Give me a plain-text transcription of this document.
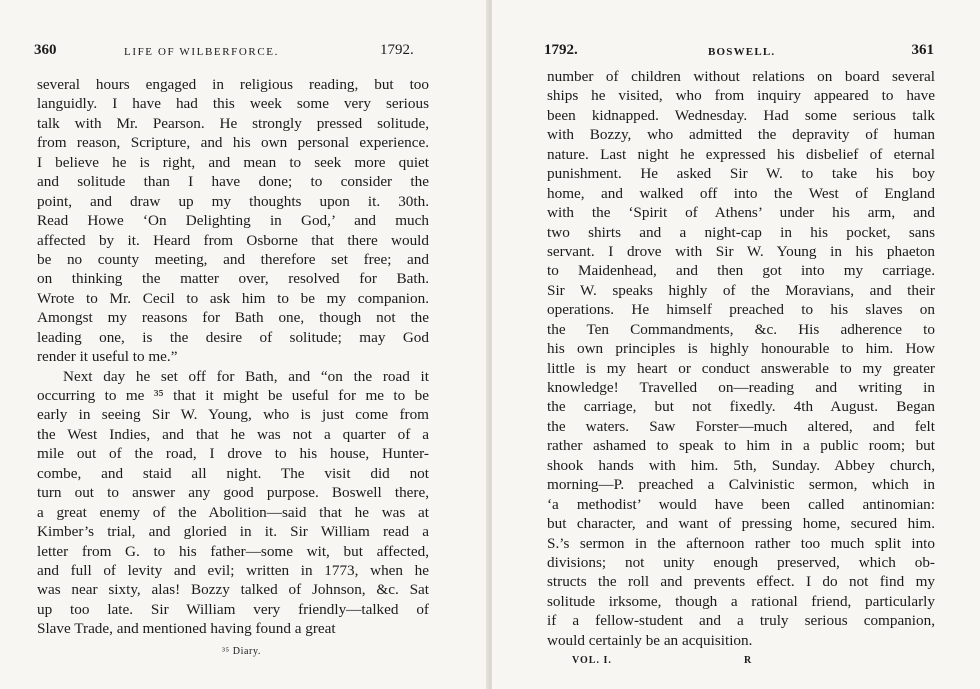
360	LIFE OF WILBERFORCE.	1792.
several hours engaged in religious reading, but too
languidly. I have had this week some very serious
talk with Mr. Pearson. He strongly pressed solitude,
from reason, Scripture, and his own personal experience.
I believe he is right, and mean to seek more quiet
and solitude than I have done; to consider the
point, and draw up my thoughts upon it. 30th.
Read Howe ‘On Delighting in God,’ and much
affected by it. Heard from Osborne that there would
be no county meeting, and therefore set free; and
on thinking the matter over, resolved for Bath.
Wrote to Mr. Cecil to ask him to be my companion.
Amongst my reasons for Bath one, though not the
leading one, is the desire of solitude; may God
render it useful to me.”
Next day he set off for Bath, and “on the road it
occurring to me ³⁵ that it might be useful for me to be
early in seeing Sir W. Young, who is just come from
the West Indies, and that he was not a quarter of a
mile out of the road, I drove to his house, Hunter-
combe, and staid all night. The visit did not
turn out to answer any good purpose. Boswell there,
a great enemy of the Abolition—said that he was at
Kimber’s trial, and gloried in it. Sir William read a
letter from G. to his father—some wit, but affected,
and full of levity and evil; written in 1773, when he
was near sixty, alas! Bozzy talked of Johnson, &c. Sat
up too late. Sir William very friendly—talked of
Slave Trade, and mentioned having found a great
³⁵ Diary.
1792.	BOSWELL.	361
number of children without relations on board several
ships he visited, who from inquiry appeared to have
been kidnapped. Wednesday. Had some serious talk
with Bozzy, who admitted the depravity of human
nature. Last night he expressed his disbelief of eternal
punishment. He asked Sir W. to take his boy
home, and walked off into the West of England
with the ‘Spirit of Athens’ under his arm, and
two shirts and a night-cap in his pocket, sans
servant. I drove with Sir W. Young in his phaeton
to Maidenhead, and then got into my carriage.
Sir W. speaks highly of the Moravians, and their
operations. He himself preached to his slaves on
the Ten Commandments, &c. His adherence to
his own principles is highly honourable to him. How
little is my heart or conduct answerable to my greater
knowledge! Travelled on—reading and writing in
the carriage, but not fixedly. 4th August. Began
the waters. Saw Forster—much altered, and felt
rather ashamed to speak to him in a public room; but
shook hands with him. 5th, Sunday. Abbey church,
morning—P. preached a Calvinistic sermon, which in
‘a methodist’ would have been called antinomian:
but character, and want of pressing home, secured him.
S.’s sermon in the afternoon rather too much split into
divisions; not unity enough preserved, which ob-
structs the roll and prevents effect. I do not find my
solitude irksome, though a rational friend, particularly
if a fellow-student and a truly serious companion,
would certainly be an acquisition.
VOL. I.	R
